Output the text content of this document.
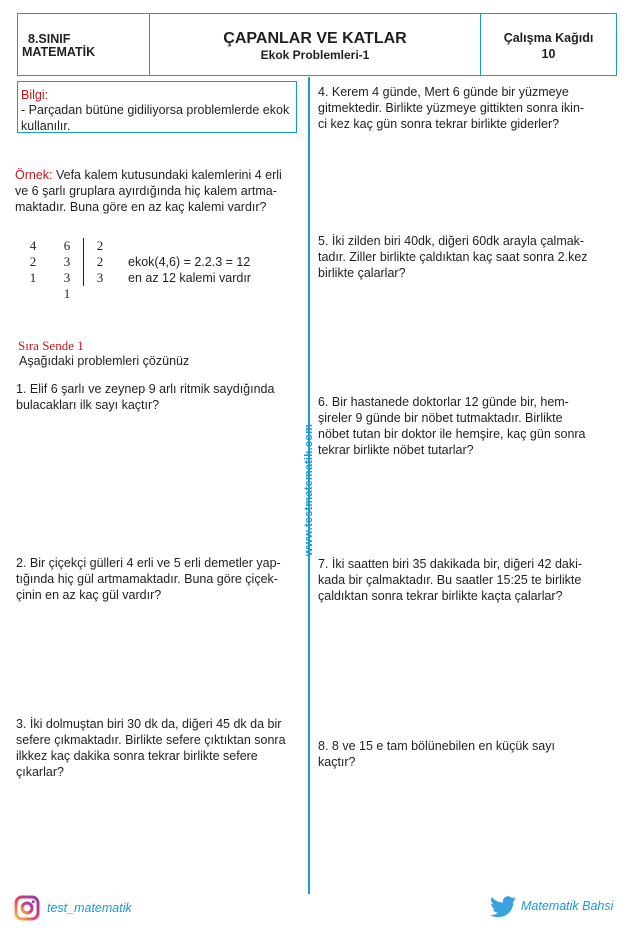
8.SINIF
MATEMATİK
ÇAPANLAR VE KATLAR
Ekok Problemleri-1
Çalışma Kağıdı
10
www.testmatematik.com
Bilgi:
- Parçadan bütüne gidiliyorsa problemlerde ekok kullanılır.
Örnek: Vefa kalem kutusundaki kalemlerini 4 erli
ve 6 şarlı gruplara ayırdığında hiç kalem artma-
maktadır. Buna göre en az kaç kalemi vardır?
4
2
1
6
3
3
1
2
2
3
ekok(4,6) = 2.2.3 = 12
en az 12 kalemi vardır
Sıra Sende 1
Aşağıdaki problemleri çözünüz
1. Elif 6 şarlı ve zeynep 9 arlı ritmik saydığında
bulacakları ilk sayı kaçtır?
2. Bir çiçekçi gülleri 4 erli ve 5 erli demetler yap-
tığında hiç gül artmamaktadır. Buna göre çiçek-
çinin en az kaç gül vardır?
3. İki dolmuştan biri 30 dk da, diğeri 45 dk da bir
sefere çıkmaktadır. Birlikte sefere çıktıktan sonra
ilkkez kaç dakika sonra tekrar birlikte sefere
çıkarlar?
4. Kerem 4 günde, Mert 6 günde bir yüzmeye
gitmektedir. Birlikte yüzmeye gittikten sonra ikin-
ci kez kaç gün sonra tekrar birlikte giderler?
5. İki zilden biri 40dk, diğeri 60dk arayla çalmak-
tadır. Ziller birlikte çaldıktan kaç saat sonra 2.kez
birlikte çalarlar?
6. Bir hastanede doktorlar 12 günde bir, hem-
şireler 9 günde bir nöbet tutmaktadır. Birlikte
nöbet tutan bir doktor ile hemşire, kaç gün sonra
tekrar birlikte nöbet tutarlar?
7. İki saatten biri 35 dakikada bir, diğeri 42 daki-
kada bir çalmaktadır. Bu saatler 15:25 te birlikte
çaldıktan sonra tekrar birlikte kaçta çalarlar?
8. 8 ve 15 e tam bölünebilen en küçük sayı
kaçtır?
test_matematik	Matematik Bahsi
